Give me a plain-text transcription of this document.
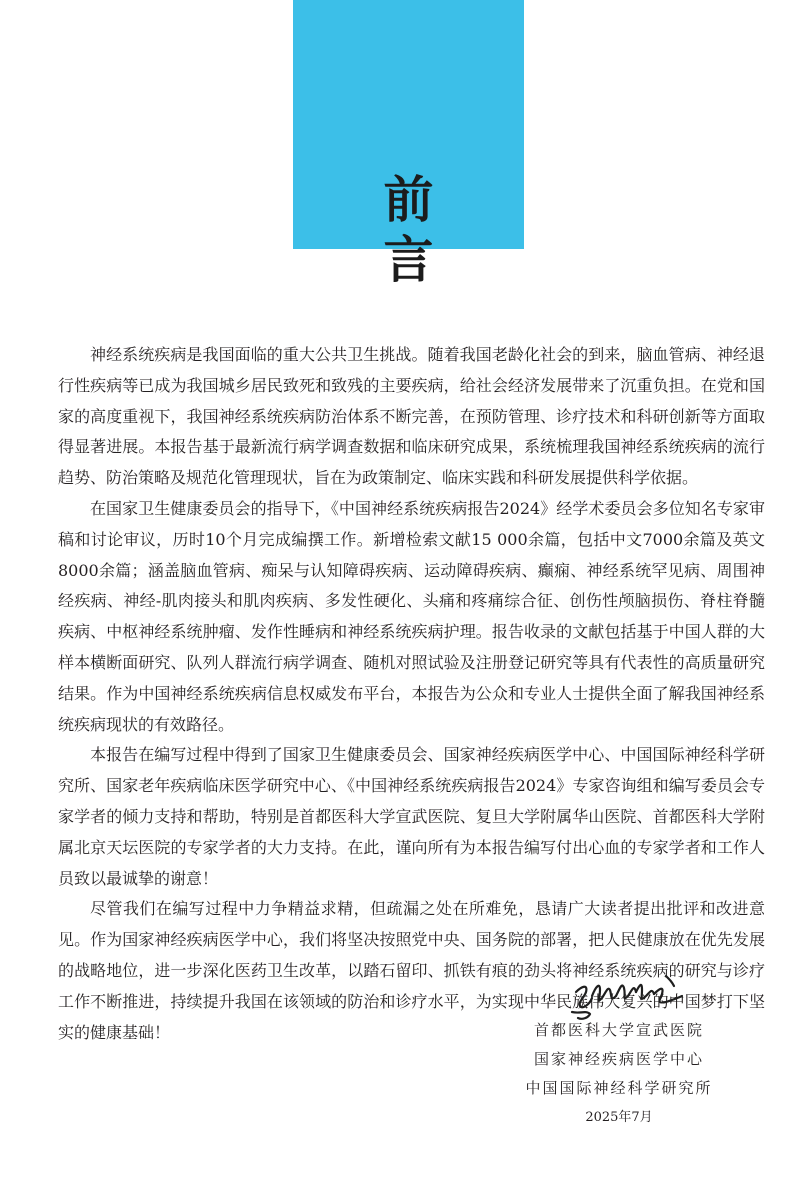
前　言

神经系统疾病是我国面临的重大公共卫生挑战。随着我国老龄化社会的到来，脑血管病、神经退行性疾病等已成为我国城乡居民致死和致残的主要疾病，给社会经济发展带来了沉重负担。在党和国家的高度重视下，我国神经系统疾病防治体系不断完善，在预防管理、诊疗技术和科研创新等方面取得显著进展。本报告基于最新流行病学调查数据和临床研究成果，系统梳理我国神经系统疾病的流行趋势、防治策略及规范化管理现状，旨在为政策制定、临床实践和科研发展提供科学依据。

在国家卫生健康委员会的指导下，《中国神经系统疾病报告2024》经学术委员会多位知名专家审稿和讨论审议，历时10个月完成编撰工作。新增检索文献15 000余篇，包括中文7000余篇及英文8000余篇；涵盖脑血管病、痴呆与认知障碍疾病、运动障碍疾病、癫痫、神经系统罕见病、周围神经疾病、神经-肌肉接头和肌肉疾病、多发性硬化、头痛和疼痛综合征、创伤性颅脑损伤、脊柱脊髓疾病、中枢神经系统肿瘤、发作性睡病和神经系统疾病护理。报告收录的文献包括基于中国人群的大样本横断面研究、队列人群流行病学调查、随机对照试验及注册登记研究等具有代表性的高质量研究结果。作为中国神经系统疾病信息权威发布平台，本报告为公众和专业人士提供全面了解我国神经系统疾病现状的有效路径。

本报告在编写过程中得到了国家卫生健康委员会、国家神经疾病医学中心、中国国际神经科学研究所、国家老年疾病临床医学研究中心、《中国神经系统疾病报告2024》专家咨询组和编写委员会专家学者的倾力支持和帮助，特别是首都医科大学宣武医院、复旦大学附属华山医院、首都医科大学附属北京天坛医院的专家学者的大力支持。在此，谨向所有为本报告编写付出心血的专家学者和工作人员致以最诚挚的谢意！

尽管我们在编写过程中力争精益求精，但疏漏之处在所难免，恳请广大读者提出批评和改进意见。作为国家神经疾病医学中心，我们将坚决按照党中央、国务院的部署，把人民健康放在优先发展的战略地位，进一步深化医药卫生改革，以踏石留印、抓铁有痕的劲头将神经系统疾病的研究与诊疗工作不断推进，持续提升我国在该领域的防治和诊疗水平，为实现中华民族伟大复兴的中国梦打下坚实的健康基础！	首都医科大学宣武医院
国家神经疾病医学中心
中国国际神经科学研究所
2025年7月
